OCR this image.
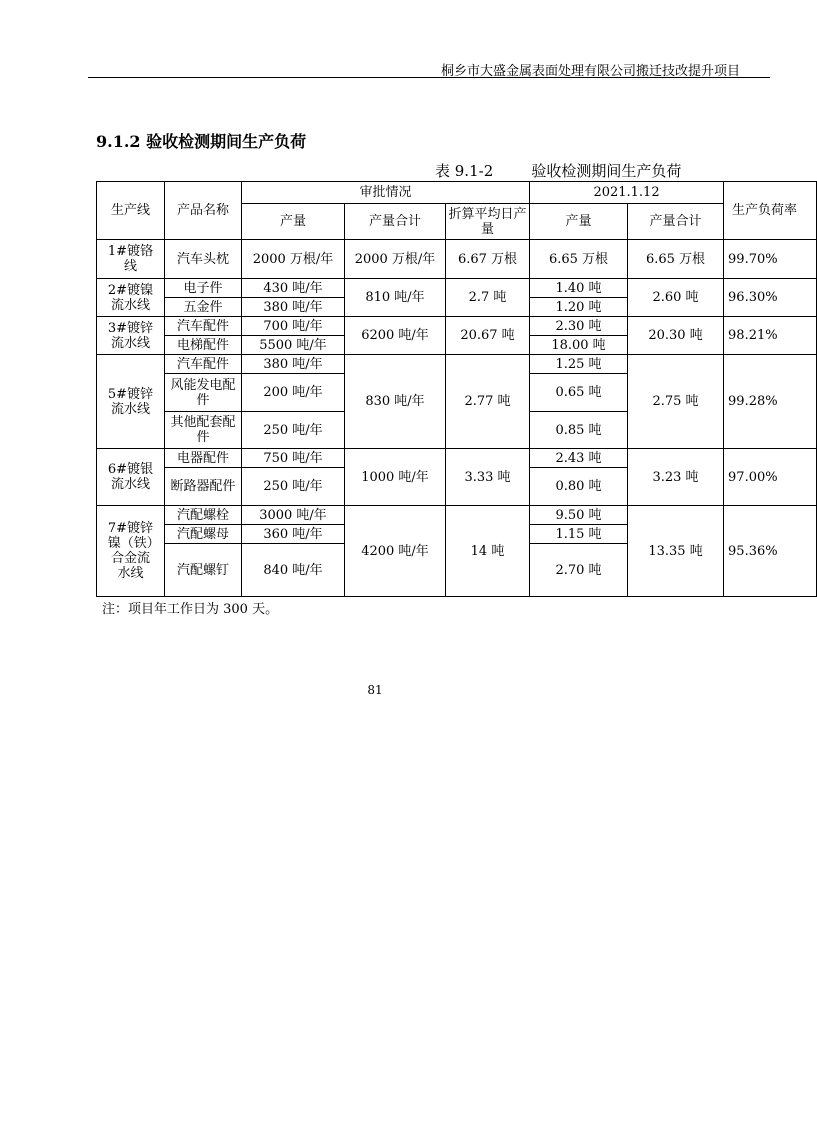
桐乡市大盛金属表面处理有限公司搬迁技改提升项目
9.1.2 验收检测期间生产负荷
表 9.1-2        验收检测期间生产负荷
生产线	产品名称	审批情况			2021.1.12		生产负荷率
		产量	产量合计	折算平均日产量	产量	产量合计	
1#镀铬线	汽车头枕	2000 万根/年	2000 万根/年	6.67 万根	6.65 万根	6.65 万根	99.70%
2#镀镍流水线	电子件	430 吨/年	810 吨/年	2.7 吨	1.40 吨	2.60 吨	96.30%
	五金件	380 吨/年			1.20 吨		
3#镀锌流水线	汽车配件	700 吨/年	6200 吨/年	20.67 吨	2.30 吨	20.30 吨	98.21%
	电梯配件	5500 吨/年			18.00 吨		
5#镀锌流水线	汽车配件	380 吨/年	830 吨/年	2.77 吨	1.25 吨	2.75 吨	99.28%
	风能发电配件	200 吨/年			0.65 吨		
	其他配套配件	250 吨/年			0.85 吨		
6#镀银流水线	电器配件	750 吨/年	1000 吨/年	3.33 吨	2.43 吨	3.23 吨	97.00%
	断路器配件	250 吨/年			0.80 吨		
7#镀锌镍（铁）合金流水线	汽配螺栓	3000 吨/年	4200 吨/年	14 吨	9.50 吨	13.35 吨	95.36%
	汽配螺母	360 吨/年			1.15 吨		
	汽配螺钉	840 吨/年			2.70 吨		
注：项目年工作日为 300 天。
81
